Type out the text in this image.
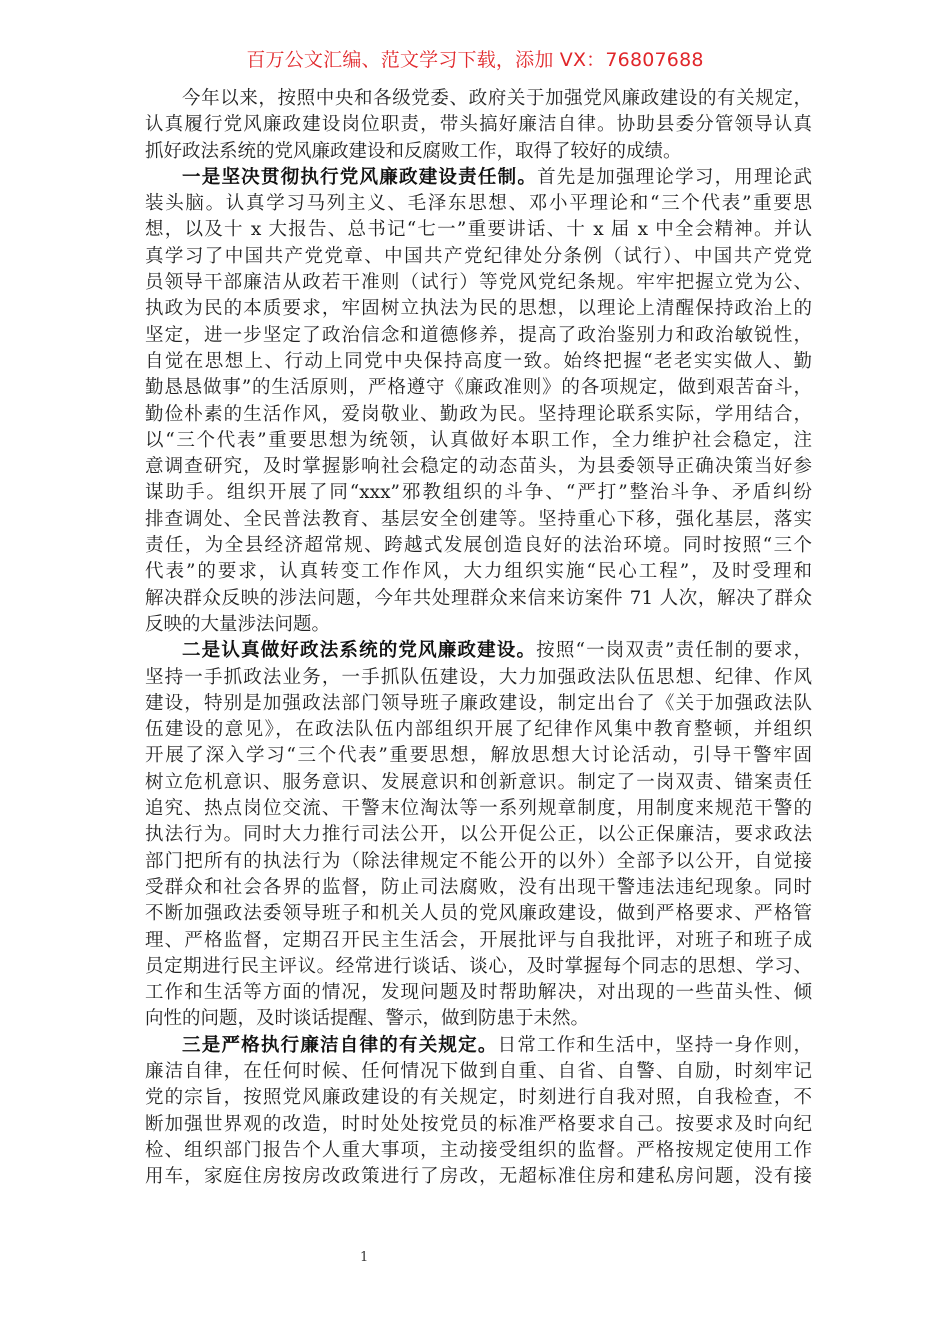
百万公文汇编、范文学习下载，添加 VX：76807688
今年以来，按照中央和各级党委、政府关于加强党风廉政建设的有关规定，
认真履行党风廉政建设岗位职责，带头搞好廉洁自律。协助县委分管领导认真
抓好政法系统的党风廉政建设和反腐败工作，取得了较好的成绩。
一是坚决贯彻执行党风廉政建设责任制。首先是加强理论学习，用理论武
装头脑。认真学习马列主义、毛泽东思想、邓小平理论和“三个代表”重要思
想，以及十 x 大报告、总书记“七一”重要讲话、十 x 届 x 中全会精神。并认
真学习了中国共产党党章、中国共产党纪律处分条例（试行）、中国共产党党
员领导干部廉洁从政若干准则（试行）等党风党纪条规。牢牢把握立党为公、
执政为民的本质要求，牢固树立执法为民的思想，以理论上清醒保持政治上的
坚定，进一步坚定了政治信念和道德修养，提高了政治鉴别力和政治敏锐性，
自觉在思想上、行动上同党中央保持高度一致。始终把握“老老实实做人、勤
勤恳恳做事”的生活原则，严格遵守《廉政准则》的各项规定，做到艰苦奋斗，
勤俭朴素的生活作风，爱岗敬业、勤政为民。坚持理论联系实际，学用结合，
以“三个代表”重要思想为统领，认真做好本职工作，全力维护社会稳定，注
意调查研究，及时掌握影响社会稳定的动态苗头，为县委领导正确决策当好参
谋助手。组织开展了同“xxx”邪教组织的斗争、“严打”整治斗争、矛盾纠纷
排查调处、全民普法教育、基层安全创建等。坚持重心下移，强化基层，落实
责任，为全县经济超常规、跨越式发展创造良好的法治环境。同时按照“三个
代表”的要求，认真转变工作作风，大力组织实施“民心工程”，及时受理和
解决群众反映的涉法问题，今年共处理群众来信来访案件 71 人次，解决了群众
反映的大量涉法问题。
二是认真做好政法系统的党风廉政建设。按照“一岗双责”责任制的要求，
坚持一手抓政法业务，一手抓队伍建设，大力加强政法队伍思想、纪律、作风
建设，特别是加强政法部门领导班子廉政建设，制定出台了《关于加强政法队
伍建设的意见》，在政法队伍内部组织开展了纪律作风集中教育整顿，并组织
开展了深入学习“三个代表”重要思想，解放思想大讨论活动，引导干警牢固
树立危机意识、服务意识、发展意识和创新意识。制定了一岗双责、错案责任
追究、热点岗位交流、干警末位淘汰等一系列规章制度，用制度来规范干警的
执法行为。同时大力推行司法公开，以公开促公正，以公正保廉洁，要求政法
部门把所有的执法行为（除法律规定不能公开的以外）全部予以公开，自觉接
受群众和社会各界的监督，防止司法腐败，没有出现干警违法违纪现象。同时
不断加强政法委领导班子和机关人员的党风廉政建设，做到严格要求、严格管
理、严格监督，定期召开民主生活会，开展批评与自我批评，对班子和班子成
员定期进行民主评议。经常进行谈话、谈心，及时掌握每个同志的思想、学习、
工作和生活等方面的情况，发现问题及时帮助解决，对出现的一些苗头性、倾
向性的问题，及时谈话提醒、警示，做到防患于未然。
三是严格执行廉洁自律的有关规定。日常工作和生活中，坚持一身作则，
廉洁自律，在任何时候、任何情况下做到自重、自省、自警、自励，时刻牢记
党的宗旨，按照党风廉政建设的有关规定，时刻进行自我对照，自我检查，不
断加强世界观的改造，时时处处按党员的标准严格要求自己。按要求及时向纪
检、组织部门报告个人重大事项，主动接受组织的监督。严格按规定使用工作
用车，家庭住房按房改政策进行了房改，无超标准住房和建私房问题，没有接
1
